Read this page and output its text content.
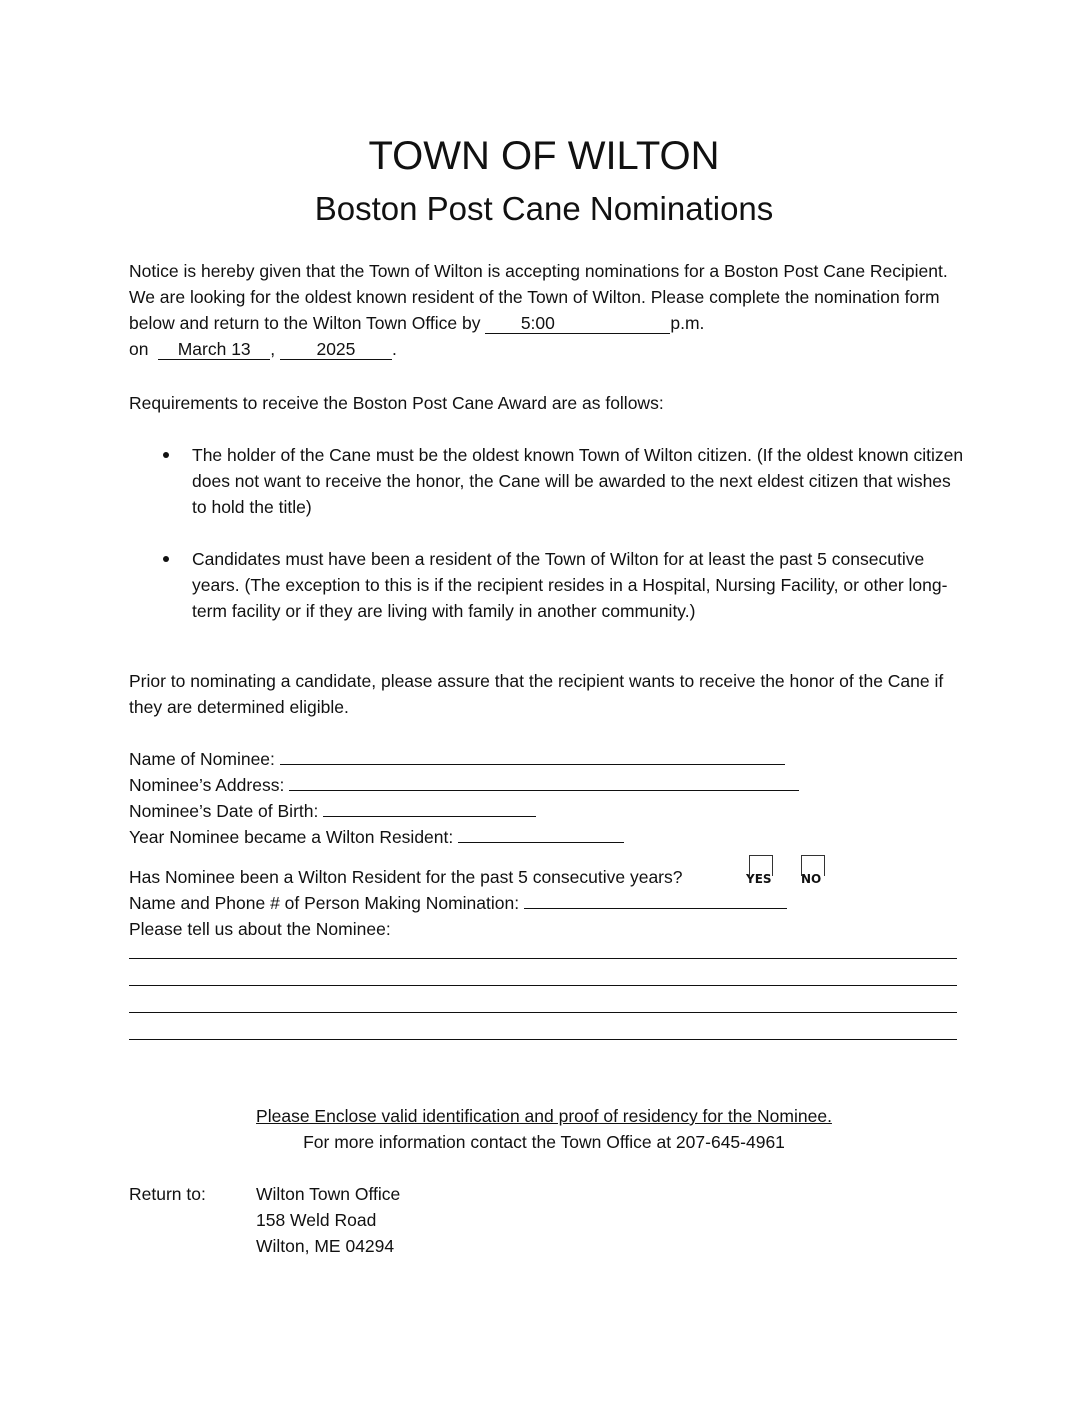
TOWN OF WILTON
Boston Post Cane Nominations
Notice is hereby given that the Town of Wilton is accepting nominations for a Boston Post Cane Recipient. We are looking for the oldest known resident of the Town of Wilton. Please complete the nomination form below and return to the Wilton Town Office by 5:00	p.m.
on March 13 , 2025 .
Requirements to receive the Boston Post Cane Award are as follows:
The holder of the Cane must be the oldest known Town of Wilton citizen. (If the oldest known citizen does not want to receive the honor, the Cane will be awarded to the next eldest citizen that wishes to hold the title)
Candidates must have been a resident of the Town of Wilton for at least the past 5 consecutive years. (The exception to this is if the recipient resides in a Hospital, Nursing Facility, or other long-term facility or if they are living with family in another community.)
Prior to nominating a candidate, please assure that the recipient wants to receive the honor of the Cane if they are determined eligible.
Name of Nominee:
Nominee’s Address:
Nominee’s Date of Birth:
Year Nominee became a Wilton Resident:
Has Nominee been a Wilton Resident for the past 5 consecutive years?	YES NO
Name and Phone # of Person Making Nomination:
Please tell us about the Nominee:
Please Enclose valid identification and proof of residency for the Nominee.
For more information contact the Town Office at 207-645-4961
Return to:	Wilton Town Office
158 Weld Road
Wilton, ME 04294
